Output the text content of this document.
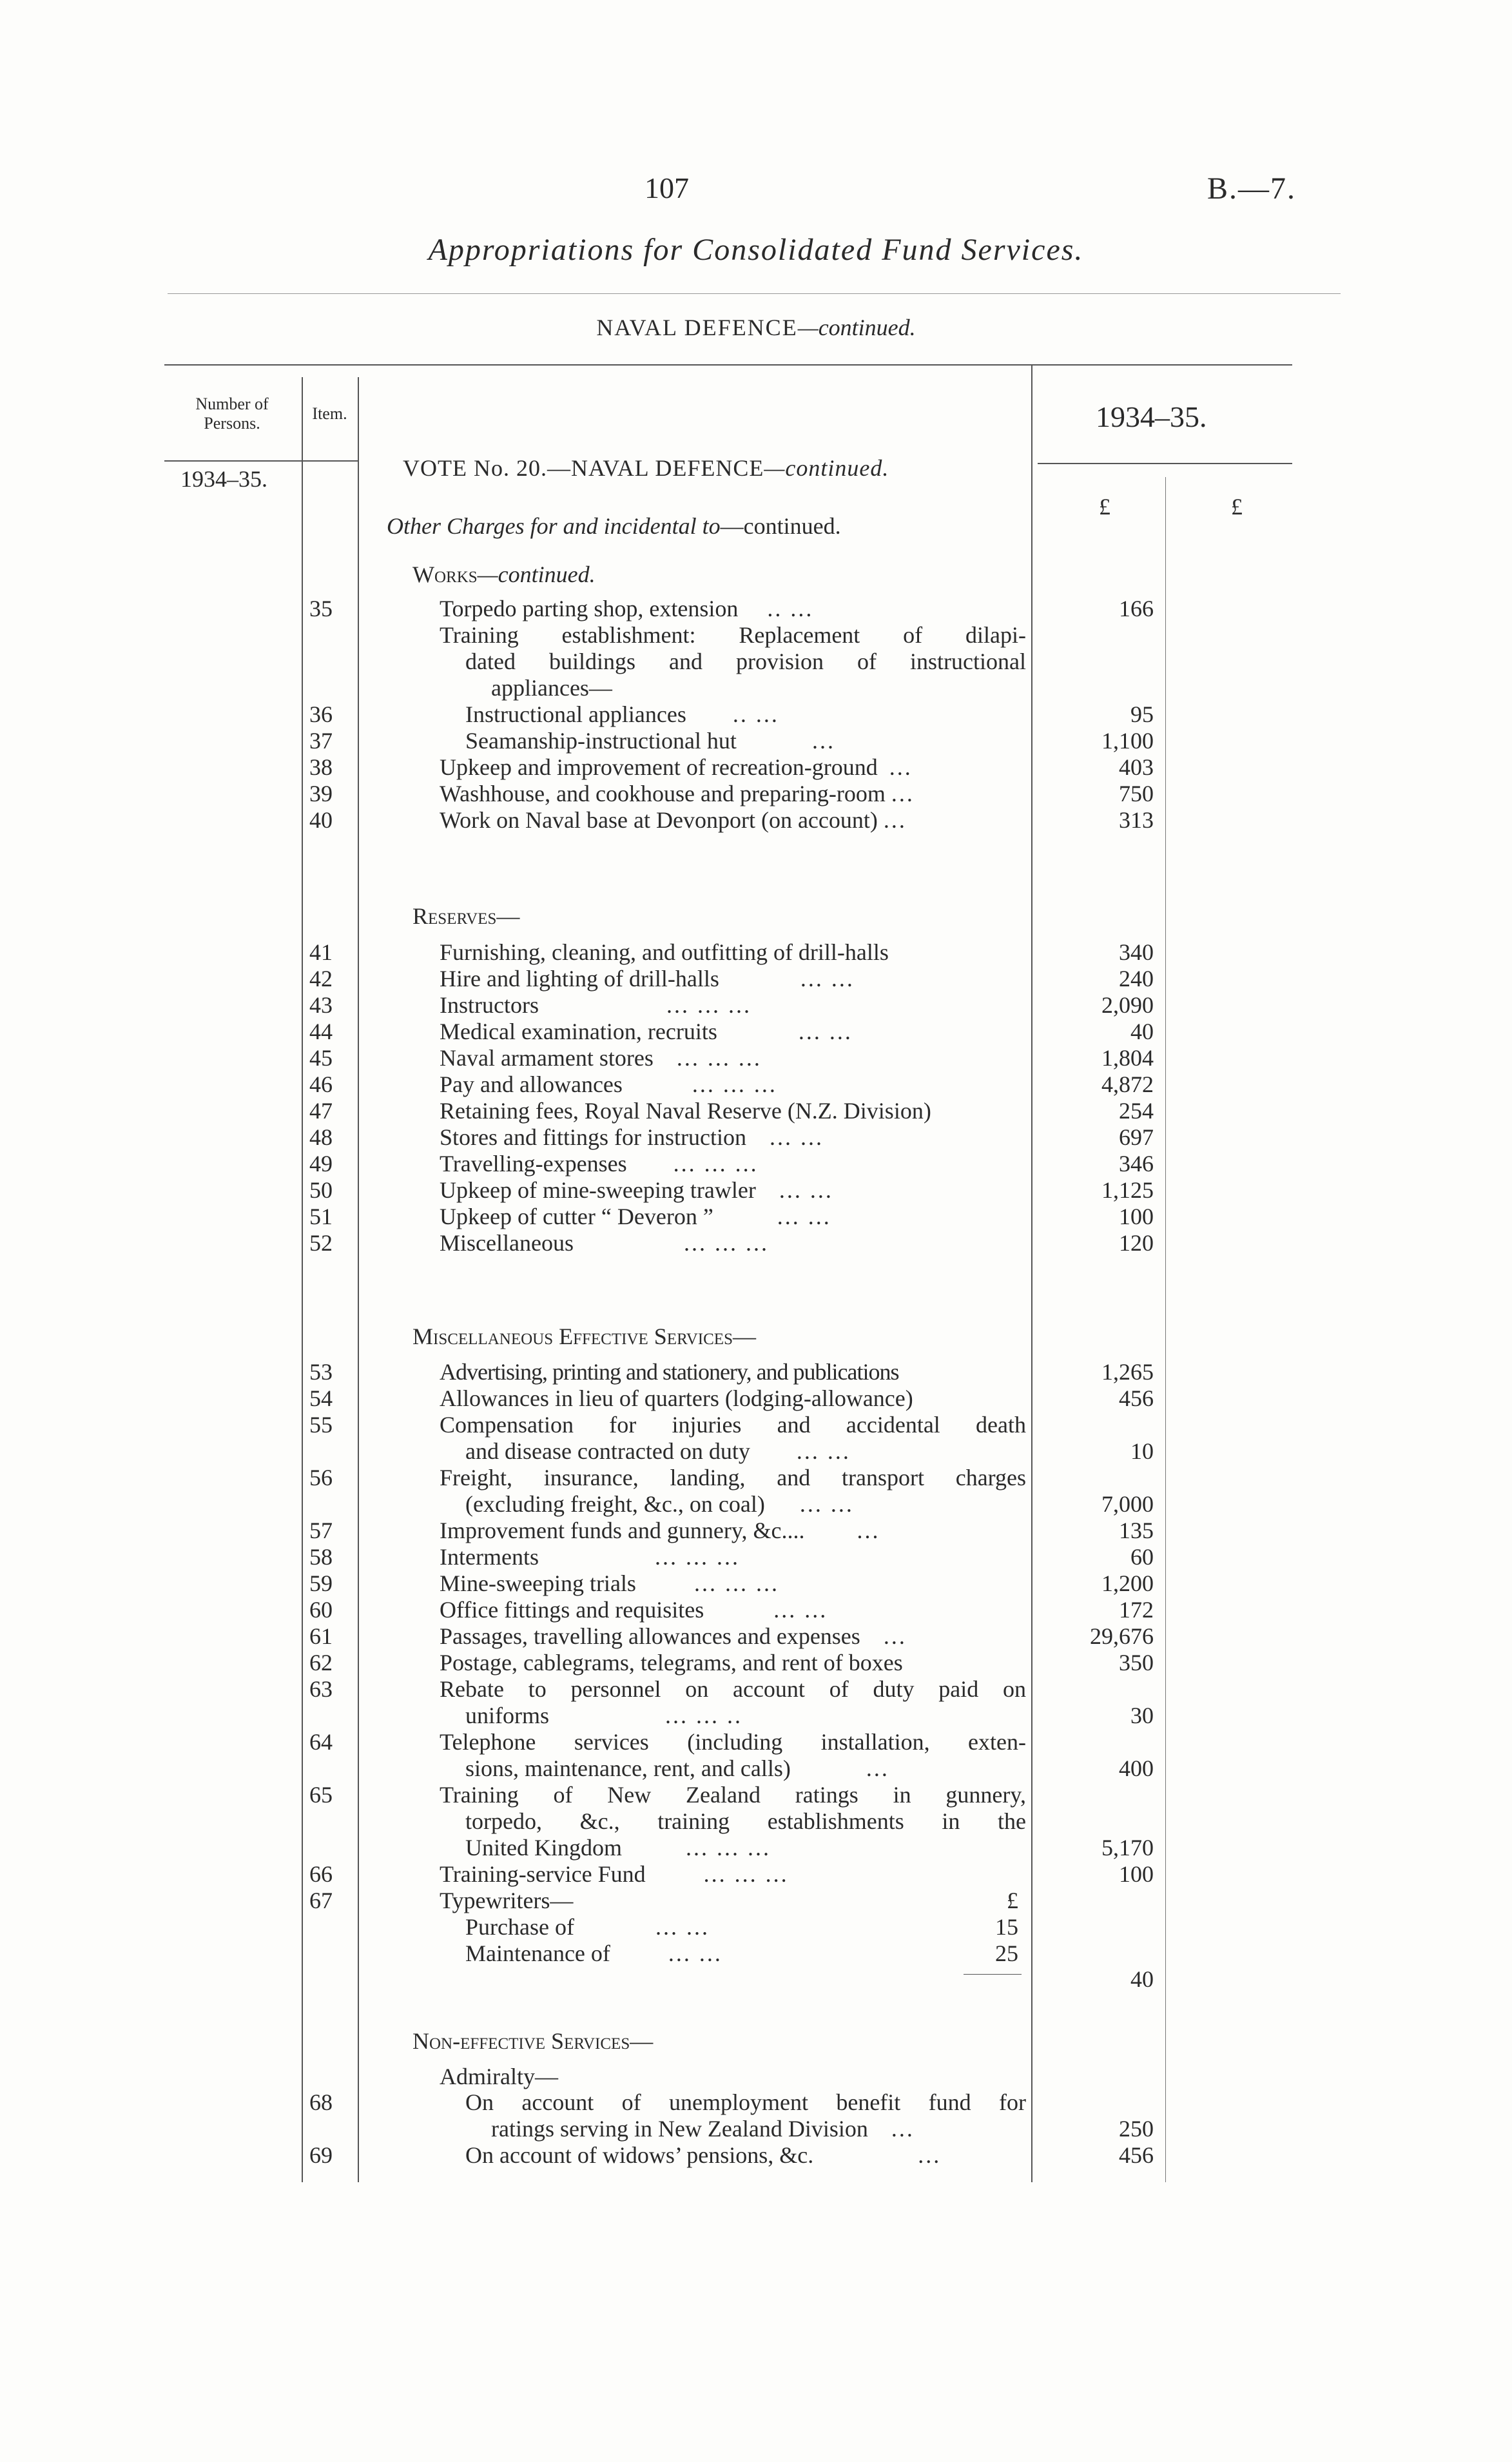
107	B.—7.
Appropriations for Consolidated Fund Services.
NAVAL DEFENCE—continued.
Number of Persons.
Item.	1934–35.
1934–35.
£	£
VOTE No. 20.—NAVAL DEFENCE—continued.
Other Charges for and incidental to—continued.
Works—continued.
35	Torpedo parting shop, extension .. ...	166
Training establishment: Replacement of dilapi-
dated buildings and provision of instructional
appliances—
36	Instructional appliances .. ...	95
37	Seamanship-instructional hut	...	1,100
38	Upkeep and improvement of recreation-ground ...	403
39	Washhouse, and cookhouse and preparing-room ...	750
40	Work on Naval base at Devonport (on account) ...	313
Reserves—
41	Furnishing, cleaning, and outfitting of drill-halls	340
42	Hire and lighting of drill-halls	... ...	240
43	Instructors	... ... ...	2,090
44	Medical examination, recruits	... ...	40
45	Naval armament stores ... ... ...	1,804
46	Pay and allowances	... ... ...	4,872
47	Retaining fees, Royal Naval Reserve (N.Z. Division)	254
48	Stores and fittings for instruction ... ...	697
49	Travelling-expenses ... ... ...	346
50	Upkeep of mine-sweeping trawler ... ...	1,125
51	Upkeep of cutter “ Deveron ”	... ...	100
52	Miscellaneous	... ... ...	120
Miscellaneous Effective Services—
53	Advertising, printing and stationery, and publications	1,265
54	Allowances in lieu of quarters (lodging-allowance)	456
55	Compensation for injuries and accidental death
and disease contracted on duty ... ...	10
56	Freight, insurance, landing, and transport charges
(excluding freight, &c., on coal) ... ...	7,000
57	Improvement funds and gunnery, &c.... ...	135
58	Interments	... ... ...	60
59	Mine-sweeping trials	... ... ...	1,200
60	Office fittings and requisites	... ...	172
61	Passages, travelling allowances and expenses ...	29,676
62	Postage, cablegrams, telegrams, and rent of boxes	350
63	Rebate to personnel on account of duty paid on
uniforms	... ... ..	30
64	Telephone services (including installation, exten-
sions, maintenance, rent, and calls)	...	400
65	Training of New Zealand ratings in gunnery,
torpedo, &c., training establishments in the
United Kingdom	... ... ...	5,170
66	Training-service Fund	... ... ...	100
67	Typewriters—	£
Purchase of	... ...	15
Maintenance of	... ...	25
40
Non-effective Services—
Admiralty—
68	On account of unemployment benefit fund for
ratings serving in New Zealand Division ...	250
69	On account of widows’ pensions, &c.	...	456
